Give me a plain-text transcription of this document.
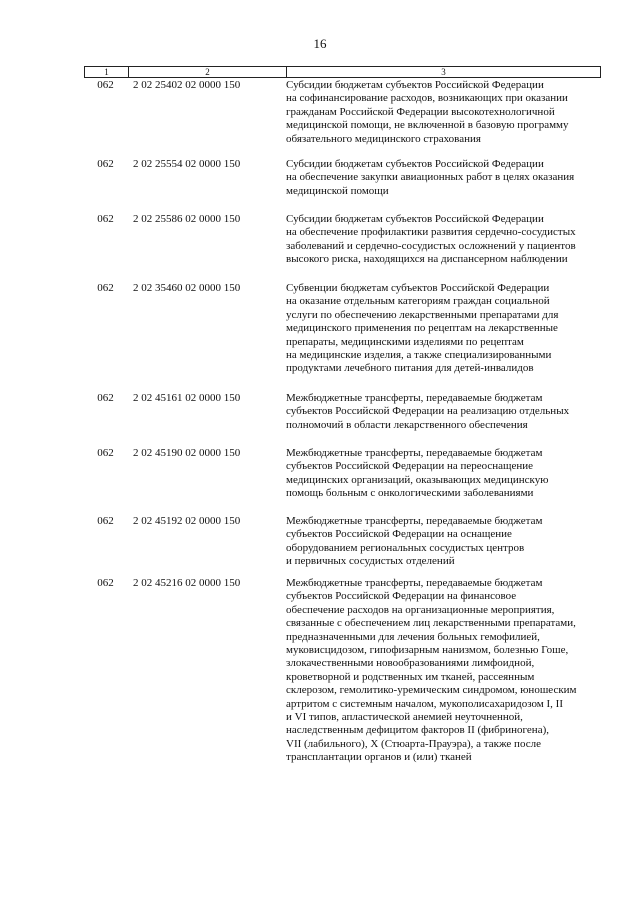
16
1	2	3
062	2 02 25402 02 0000 150	Субсидии бюджетам субъектов Российской Федерации
на софинансирование расходов, возникающих при оказании
гражданам Российской Федерации высокотехнологичной
медицинской помощи, не включенной в базовую программу
обязательного медицинского страхования
062	2 02 25554 02 0000 150	Субсидии бюджетам субъектов Российской Федерации
на обеспечение закупки авиационных работ в целях оказания
медицинской помощи
062	2 02 25586 02 0000 150	Субсидии бюджетам субъектов Российской Федерации
на обеспечение профилактики развития сердечно-сосудистых
заболеваний и сердечно-сосудистых осложнений у пациентов
высокого риска, находящихся на диспансерном наблюдении
062	2 02 35460 02 0000 150	Субвенции бюджетам субъектов Российской Федерации
на оказание отдельным категориям граждан социальной
услуги по обеспечению лекарственными препаратами для
медицинского применения по рецептам на лекарственные
препараты, медицинскими изделиями по рецептам
на медицинские изделия, а также специализированными
продуктами лечебного питания для детей-инвалидов
062	2 02 45161 02 0000 150	Межбюджетные трансферты, передаваемые бюджетам
субъектов Российской Федерации на реализацию отдельных
полномочий в области лекарственного обеспечения
062	2 02 45190 02 0000 150	Межбюджетные трансферты, передаваемые бюджетам
субъектов Российской Федерации на переоснащение
медицинских организаций, оказывающих медицинскую
помощь больным с онкологическими заболеваниями
062	2 02 45192 02 0000 150	Межбюджетные трансферты, передаваемые бюджетам
субъектов Российской Федерации на оснащение
оборудованием региональных сосудистых центров
и первичных сосудистых отделений
062	2 02 45216 02 0000 150	Межбюджетные трансферты, передаваемые бюджетам
субъектов Российской Федерации на финансовое
обеспечение расходов на организационные мероприятия,
связанные с обеспечением лиц лекарственными препаратами,
предназначенными для лечения больных гемофилией,
муковисцидозом, гипофизарным нанизмом, болезнью Гоше,
злокачественными новообразованиями лимфоидной,
кроветворной и родственных им тканей, рассеянным
склерозом, гемолитико-уремическим синдромом, юношеским
артритом с системным началом, мукополисахаридозом I, II
и VI типов, апластической анемией неуточненной,
наследственным дефицитом факторов II (фибриногена),
VII (лабильного), X (Стюарта-Прауэра), а также после
трансплантации органов и (или) тканей
